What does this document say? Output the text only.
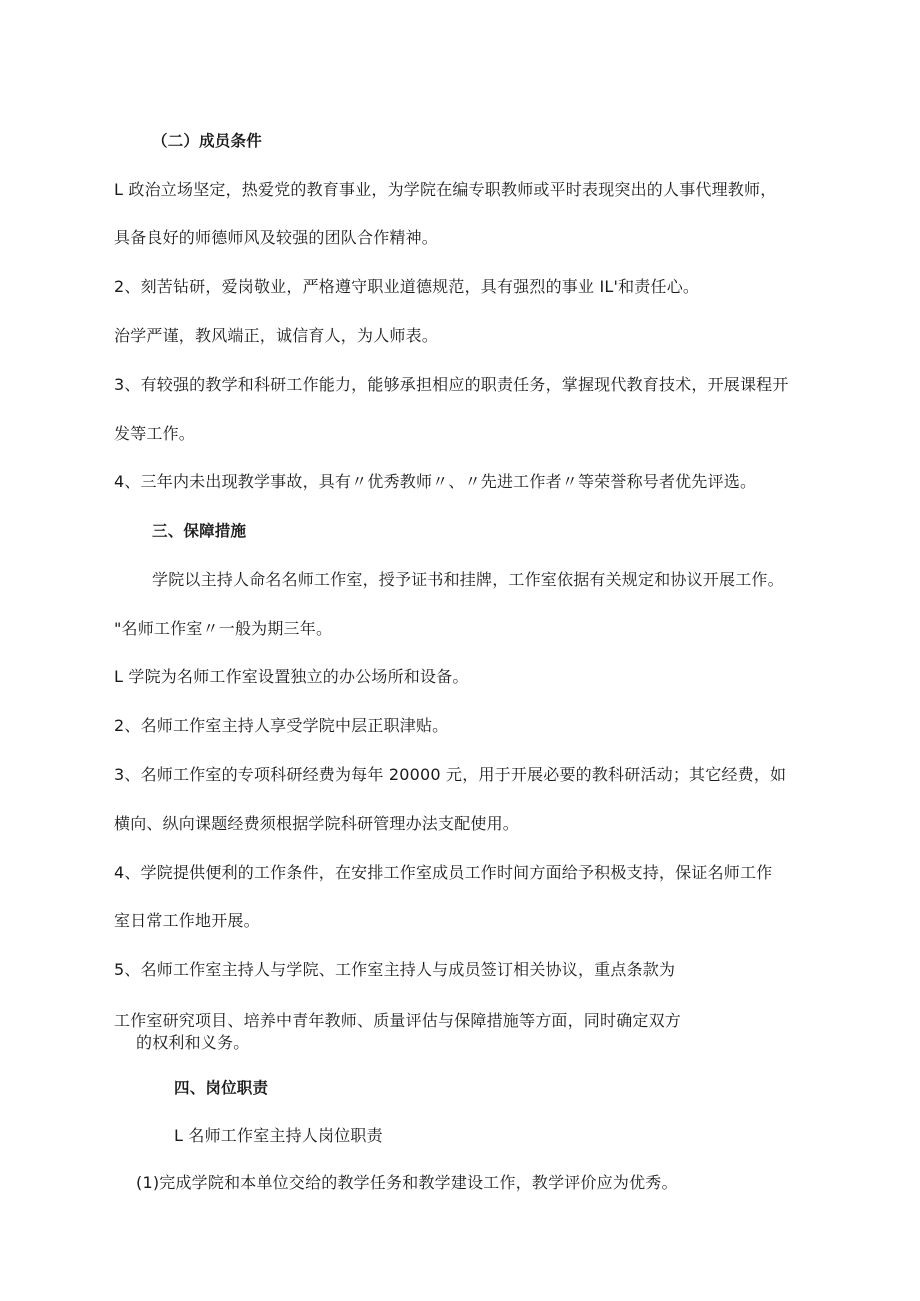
（二）成员条件
L 政治立场坚定，热爱党的教育事业，为学院在编专职教师或平时表现突出的人事代理教师，
具备良好的师德师风及较强的团队合作精神。
2、刻苦钻研，爱岗敬业，严格遵守职业道德规范，具有强烈的事业 IL'和责任心。
治学严谨，教风端正，诚信育人，为人师表。
3、有较强的教学和科研工作能力，能够承担相应的职责任务，掌握现代教育技术，开展课程开
发等工作。
4、三年内未出现教学事故，具有〃优秀教师〃、〃先进工作者〃等荣誉称号者优先评选。
三、保障措施
学院以主持人命名名师工作室，授予证书和挂牌，工作室依据有关规定和协议开展工作。
"名师工作室〃一般为期三年。
L 学院为名师工作室设置独立的办公场所和设备。
2、名师工作室主持人享受学院中层正职津贴。
3、名师工作室的专项科研经费为每年 20000 元，用于开展必要的教科研活动；其它经费，如
横向、纵向课题经费须根据学院科研管理办法支配使用。
4、学院提供便利的工作条件，在安排工作室成员工作时间方面给予积极支持，保证名师工作
室日常工作地开展。
5、名师工作室主持人与学院、工作室主持人与成员签订相关协议，重点条款为
工作室研究项目、培养中青年教师、质量评估与保障措施等方面，同时确定双方
的权利和义务。
四、岗位职责
L 名师工作室主持人岗位职责
(1)完成学院和本单位交给的教学任务和教学建设工作，教学评价应为优秀。
